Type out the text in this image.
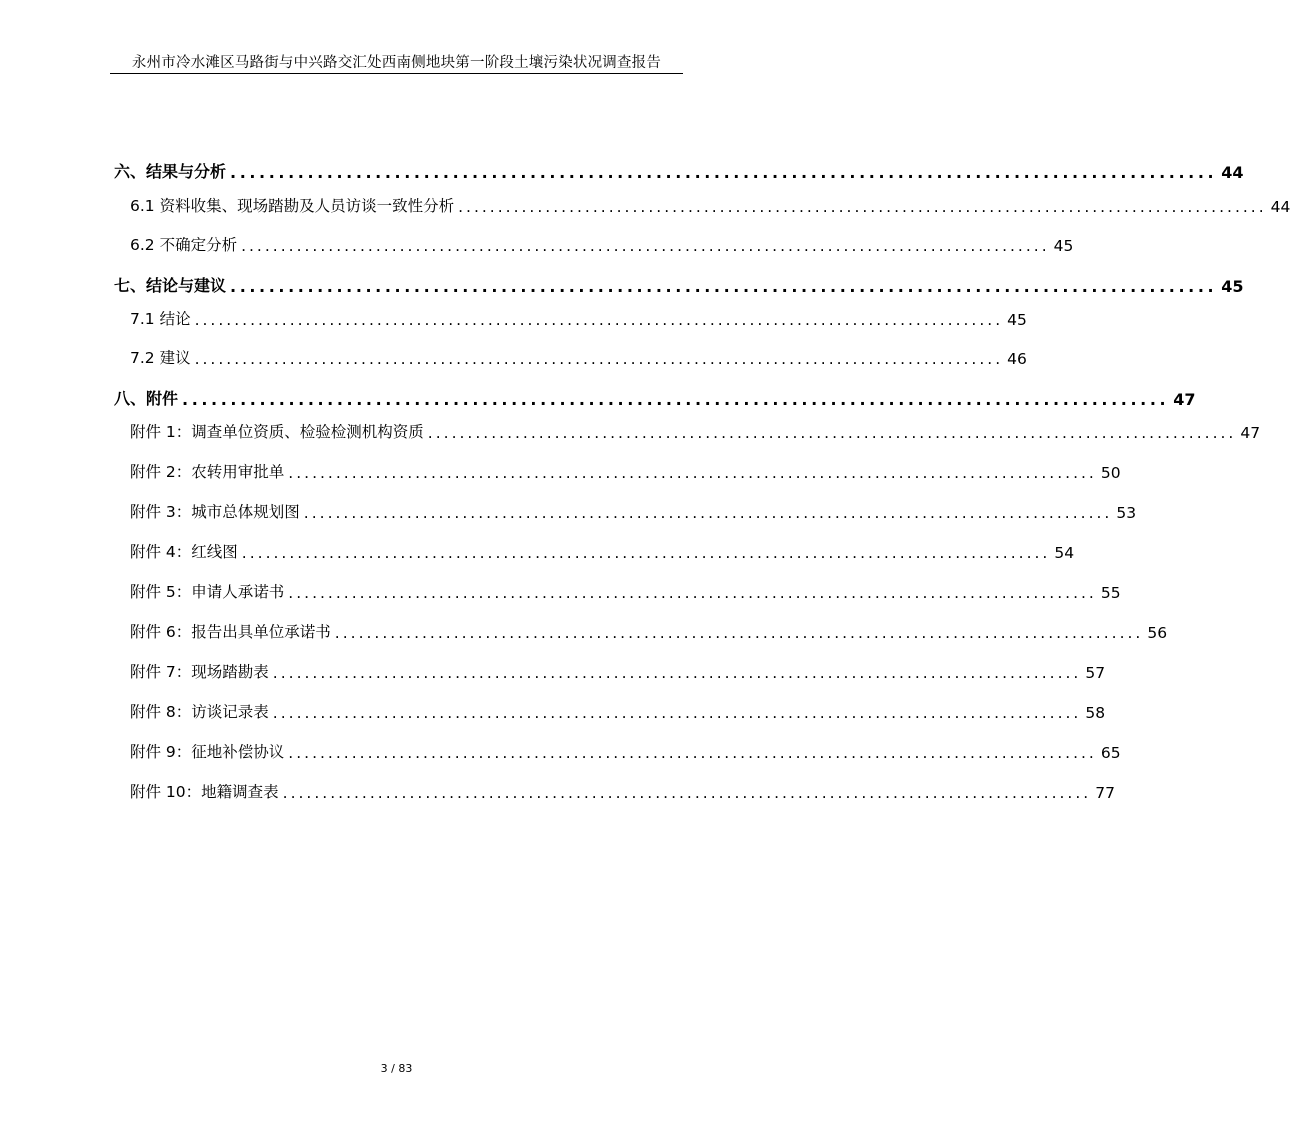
永州市冷水滩区马路街与中兴路交汇处西南侧地块第一阶段土壤污染状况调查报告
六、结果与分析 ...................................................................................................... 44
6.1 资料收集、现场踏勘及人员访谈一致性分析 ...................................................................................................... 44
6.2 不确定分析 ...................................................................................................... 45
七、结论与建议 ...................................................................................................... 45
7.1 结论 ...................................................................................................... 45
7.2 建议 ...................................................................................................... 46
八、附件 ...................................................................................................... 47
附件 1：调查单位资质、检验检测机构资质 ...................................................................................................... 47
附件 2：农转用审批单 ...................................................................................................... 50
附件 3：城市总体规划图 ...................................................................................................... 53
附件 4：红线图 ...................................................................................................... 54
附件 5：申请人承诺书 ...................................................................................................... 55
附件 6：报告出具单位承诺书 ...................................................................................................... 56
附件 7：现场踏勘表 ...................................................................................................... 57
附件 8：访谈记录表 ...................................................................................................... 58
附件 9：征地补偿协议 ...................................................................................................... 65
附件 10：地籍调查表 ...................................................................................................... 77
3 / 83
